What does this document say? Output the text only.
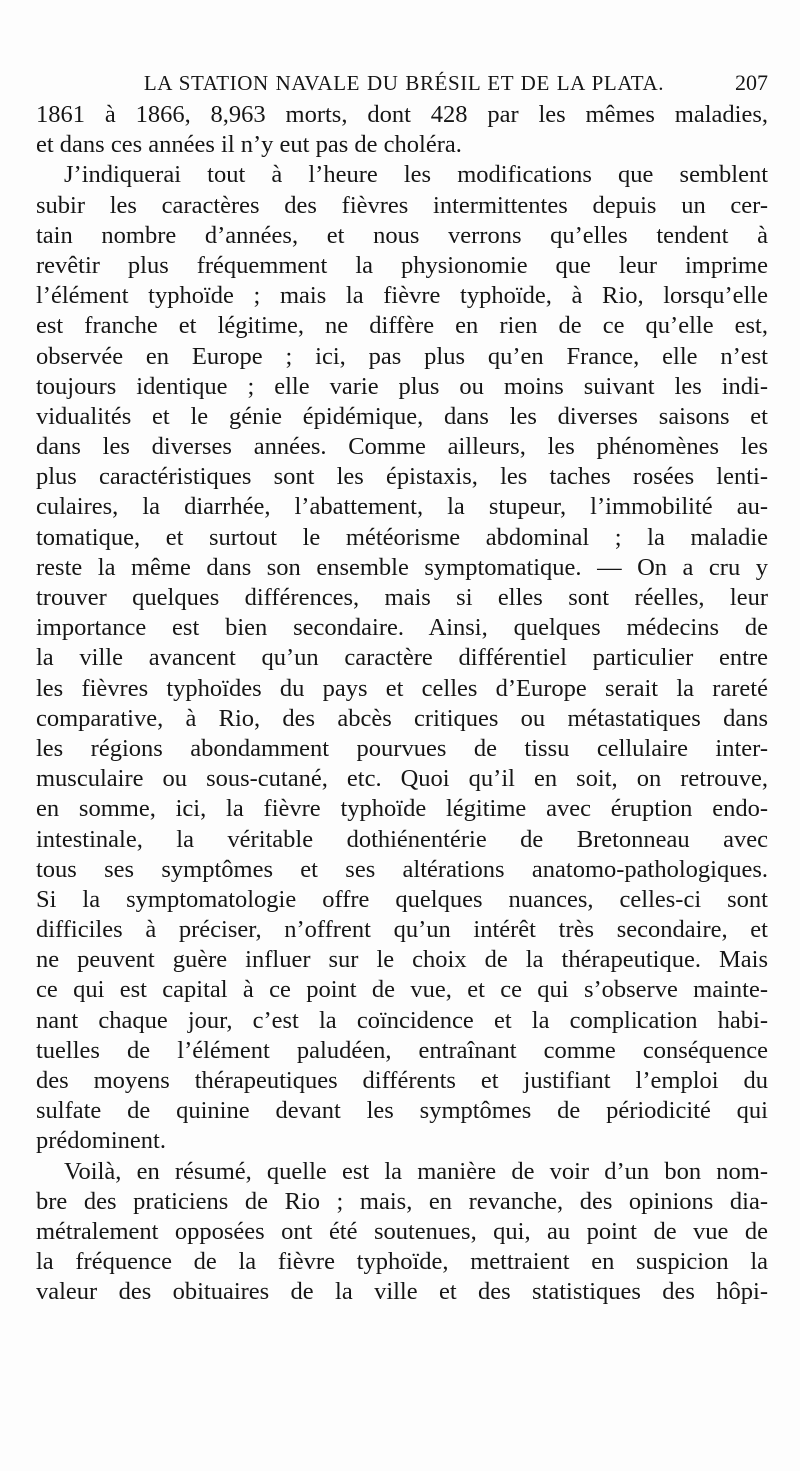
LA STATION NAVALE DU BRÉSIL ET DE LA PLATA.	207
1861 à 1866, 8,963 morts, dont 428 par les mêmes maladies,
et dans ces années il n’y eut pas de choléra.
J’indiquerai tout à l’heure les modifications que semblent
subir les caractères des fièvres intermittentes depuis un cer-
tain nombre d’années, et nous verrons qu’elles tendent à
revêtir plus fréquemment la physionomie que leur imprime
l’élément typhoïde ; mais la fièvre typhoïde, à Rio, lorsqu’elle
est franche et légitime, ne diffère en rien de ce qu’elle est,
observée en Europe ; ici, pas plus qu’en France, elle n’est
toujours identique ; elle varie plus ou moins suivant les indi-
vidualités et le génie épidémique, dans les diverses saisons et
dans les diverses années. Comme ailleurs, les phénomènes les
plus caractéristiques sont les épistaxis, les taches rosées lenti-
culaires, la diarrhée, l’abattement, la stupeur, l’immobilité au-
tomatique, et surtout le météorisme abdominal ; la maladie
reste la même dans son ensemble symptomatique. — On a cru y
trouver quelques différences, mais si elles sont réelles, leur
importance est bien secondaire. Ainsi, quelques médecins de
la ville avancent qu’un caractère différentiel particulier entre
les fièvres typhoïdes du pays et celles d’Europe serait la rareté
comparative, à Rio, des abcès critiques ou métastatiques dans
les régions abondamment pourvues de tissu cellulaire inter-
musculaire ou sous-cutané, etc. Quoi qu’il en soit, on retrouve,
en somme, ici, la fièvre typhoïde légitime avec éruption endo-
intestinale, la véritable dothiénentérie de Bretonneau avec
tous ses symptômes et ses altérations anatomo-pathologiques.
Si la symptomatologie offre quelques nuances, celles-ci sont
difficiles à préciser, n’offrent qu’un intérêt très secondaire, et
ne peuvent guère influer sur le choix de la thérapeutique. Mais
ce qui est capital à ce point de vue, et ce qui s’observe mainte-
nant chaque jour, c’est la coïncidence et la complication habi-
tuelles de l’élément paludéen, entraînant comme conséquence
des moyens thérapeutiques différents et justifiant l’emploi du
sulfate de quinine devant les symptômes de périodicité qui
prédominent.
Voilà, en résumé, quelle est la manière de voir d’un bon nom-
bre des praticiens de Rio ; mais, en revanche, des opinions dia-
métralement opposées ont été soutenues, qui, au point de vue de
la fréquence de la fièvre typhoïde, mettraient en suspicion la
valeur des obituaires de la ville et des statistiques des hôpi-
